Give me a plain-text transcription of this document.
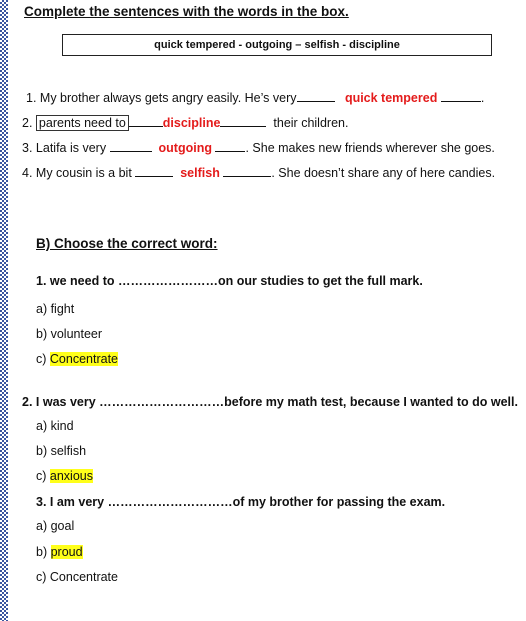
Complete the sentences with the words in the box.
quick tempered - outgoing – selfish - discipline
1. My brother always gets angry easily. He’s very	quick tempered	.
2. parents need to	discipline	their children.
3. Latifa is very	outgoing	. She makes new friends wherever she goes.
4. My cousin is a bit	selfish	. She doesn’t share any of here candies.
B) Choose the correct word:
1. we need to ……………………on our studies to get the full mark.
a) fight
b) volunteer
c) Concentrate
2. I was very …………………………before my math test, because I wanted to do well.
a) kind
b) selfish
c) anxious
3. I am very …………………………of my brother for passing the exam.
a) goal
b) proud
c) Concentrate
